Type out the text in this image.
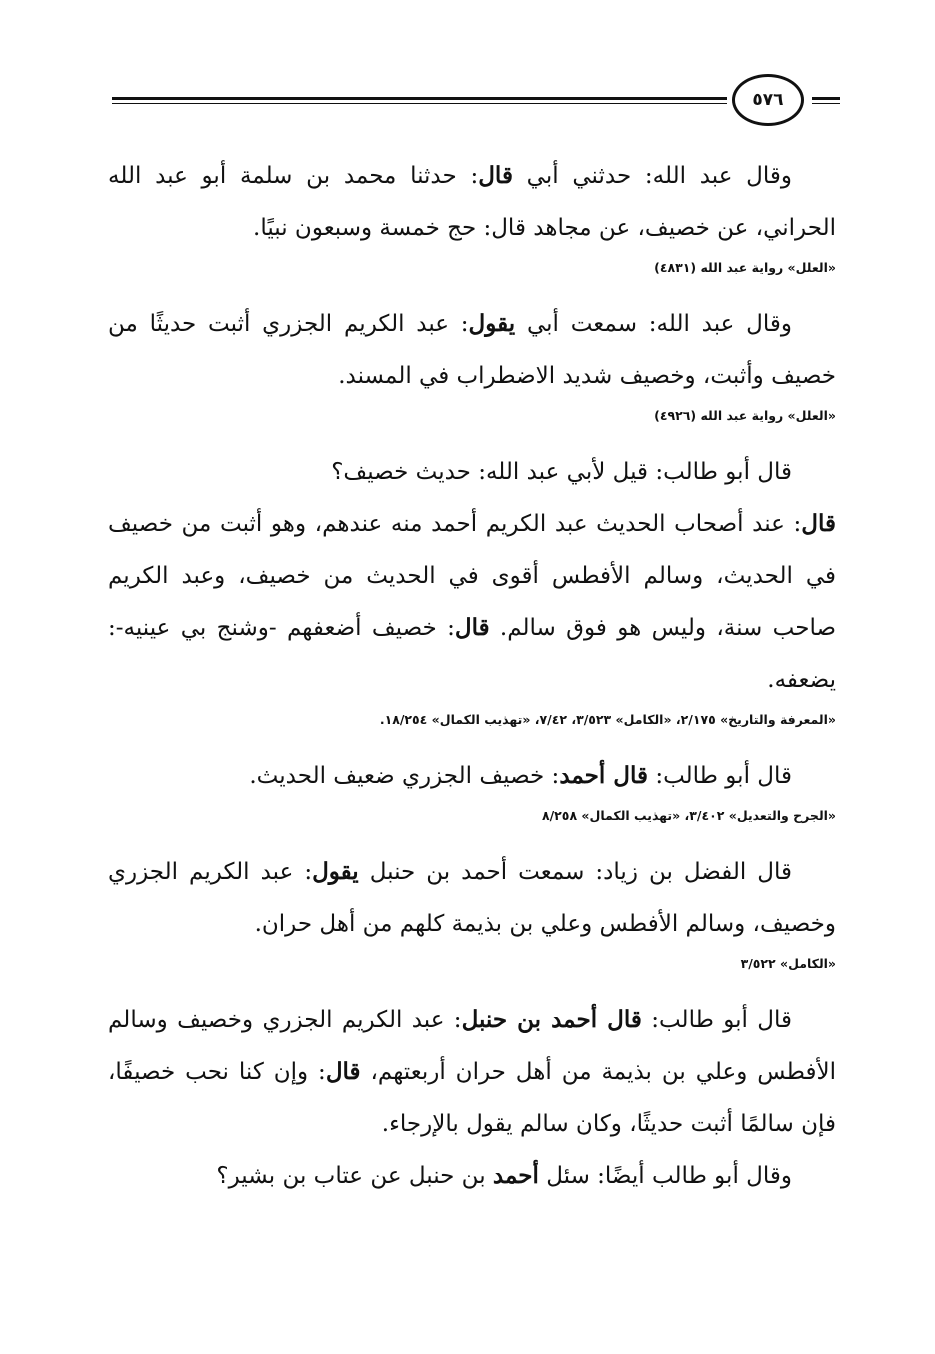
٥٧٦

وقال عبد الله: حدثني أبي قال: حدثنا محمد بن سلمة أبو عبد الله الحراني، عن خصيف، عن مجاهد قال: حج خمسة وسبعون نبيًا.

«العلل» رواية عبد الله (٤٨٣١)

وقال عبد الله: سمعت أبي يقول: عبد الكريم الجزري أثبت حديثًا من خصيف وأثبت، وخصيف شديد الاضطراب في المسند.

«العلل» رواية عبد الله (٤٩٢٦)

قال أبو طالب: قيل لأبي عبد الله: حديث خصيف؟

قال: عند أصحاب الحديث عبد الكريم أحمد منه عندهم، وهو أثبت من خصيف في الحديث، وسالم الأفطس أقوى في الحديث من خصيف، وعبد الكريم صاحب سنة، وليس هو فوق سالم. قال: خصيف أضعفهم -وشنج بي عينيه-: يضعفه.

«المعرفة والتاريخ» ٢/١٧٥، «الكامل» ٣/٥٢٣، ٧/٤٢، «تهذيب الكمال» ١٨/٢٥٤.

قال أبو طالب: قال أحمد: خصيف الجزري ضعيف الحديث.

«الجرح والتعديل» ٣/٤٠٢، «تهذيب الكمال» ٨/٢٥٨

قال الفضل بن زياد: سمعت أحمد بن حنبل يقول: عبد الكريم الجزري وخصيف، وسالم الأفطس وعلي بن بذيمة كلهم من أهل حران.

«الكامل» ٣/٥٢٢

قال أبو طالب: قال أحمد بن حنبل: عبد الكريم الجزري وخصيف وسالم الأفطس وعلي بن بذيمة من أهل حران أربعتهم، قال: وإن كنا نحب خصيفًا، فإن سالمًا أثبت حديثًا، وكان سالم يقول بالإرجاء.

وقال أبو طالب أيضًا: سئل أحمد بن حنبل عن عتاب بن بشير؟
